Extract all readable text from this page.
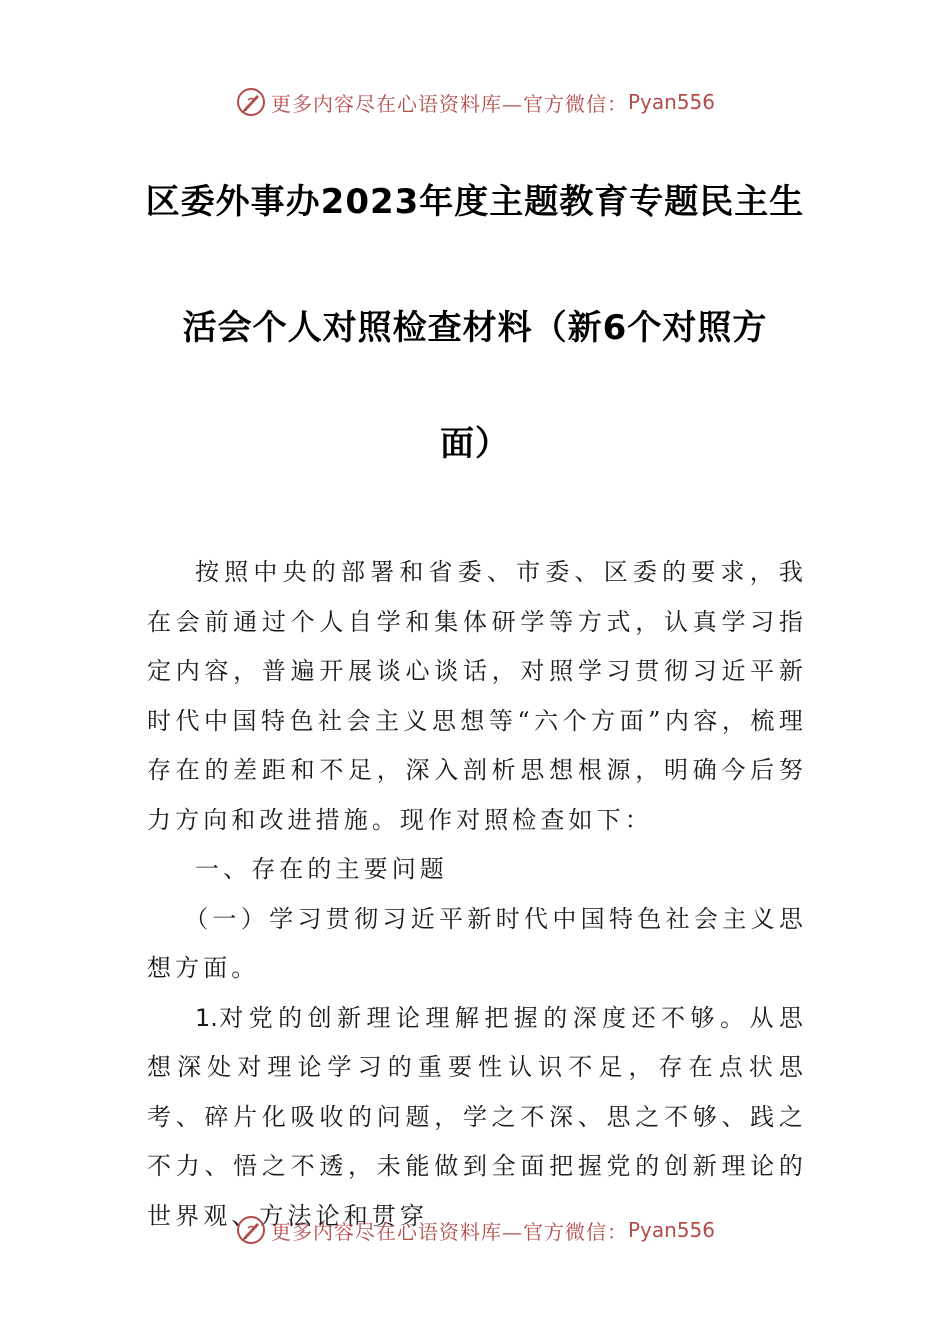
更多内容尽在心语资料库—官方微信： Pyan556
区委外事办2023年度主题教育专题民主生
活会个人对照检查材料（新6个对照方
面）

按照中央的部署和省委、市委、区委的要求，我在会前通过个人自学和集体研学等方式，认真学习指定内容，普遍开展谈心谈话，对照学习贯彻习近平新时代中国特色社会主义思想等“六个方面”内容，梳理存在的差距和不足，深入剖析思想根源，明确今后努力方向和改进措施。现作对照检查如下：

一、存在的主要问题

（一）学习贯彻习近平新时代中国特色社会主义思想方面。

1.对党的创新理论理解把握的深度还不够。从思想深处对理论学习的重要性认识不足，存在点状思考、碎片化吸收的问题，学之不深、思之不够、践之不力、悟之不透，未能做到全面把握党的创新理论的世界观、方法论和贯穿

更多内容尽在心语资料库—官方微信： Pyan556
